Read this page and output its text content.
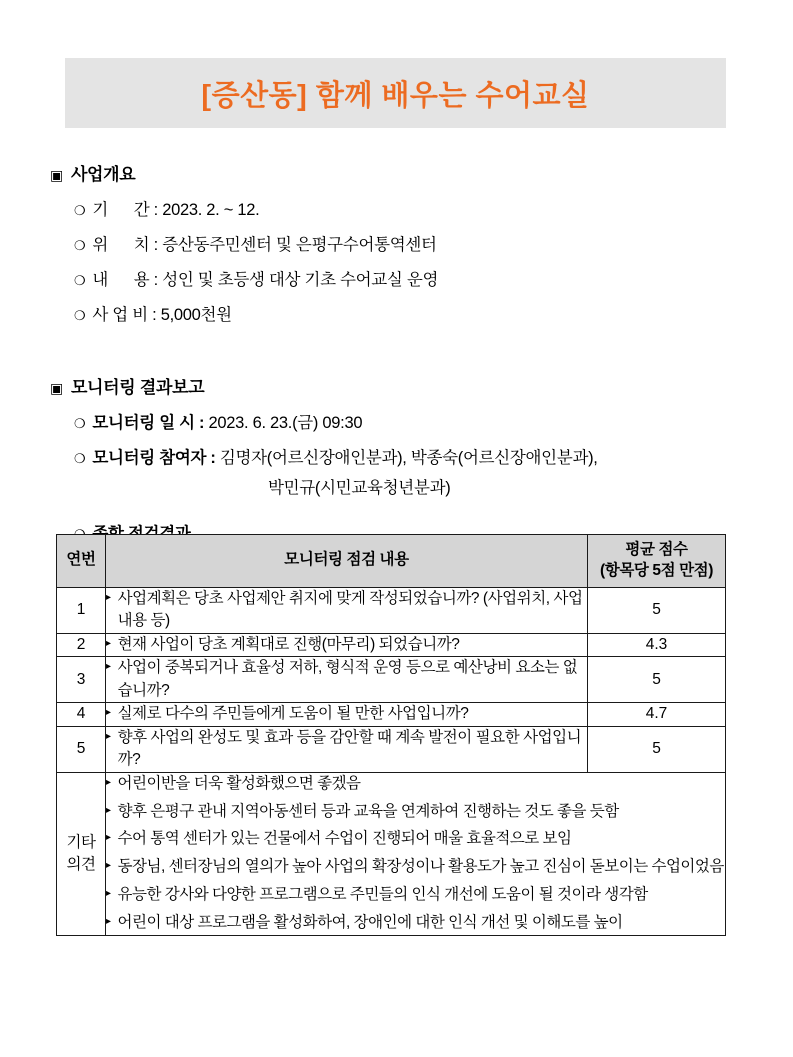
[증산동] 함께 배우는 수어교실
▣ 사업개요
❍ 기      간 : 2023. 2. ~ 12.
❍ 위      치 : 증산동주민센터 및 은평구수어통역센터
❍ 내      용 : 성인 및 초등생 대상 기초 수어교실 운영
❍ 사 업 비 : 5,000천원
▣ 모니터링 결과보고
❍ 모니터링 일 시 : 2023. 6. 23.(금) 09:30
❍ 모니터링 참여자 : 김명자(어르신장애인분과), 박종숙(어르신장애인분과),
박민규(시민교육청년분과)
연번	모니터링 점검 내용	평균 점수
(항목당 5점 만점)

1	▸ 사업계획은 당초 사업제안 취지에 맞게 작성되었습니까? (사업위치, 사업내용 등)	5
2	▸ 현재 사업이 당초 계획대로 진행(마무리) 되었습니까?	4.3
3	▸ 사업이 중복되거나 효율성 저하, 형식적 운영 등으로 예산낭비 요소는 없습니까?	5
4	▸ 실제로 다수의 주민들에게 도움이 될 만한 사업입니까?	4.7
5	▸ 향후 사업의 완성도 및 효과 등을 감안할 때 계속 발전이 필요한 사업입니까?	5

기타
의견

▸ 어린이반을 더욱 활성화했으면 좋겠음
▸ 향후 은평구 관내 지역아동센터 등과 교육을 연계하여 진행하는 것도 좋을 듯함
▸ 수어 통역 센터가 있는 건물에서 수업이 진행되어 매울 효율적으로 보임
▸ 동장님, 센터장님의 열의가 높아 사업의 확장성이나 활용도가 높고 진심이 돋보이는 수업이었음
▸ 유능한 강사와 다양한 프로그램으로 주민들의 인식 개선에 도움이 될 것이라 생각함
▸ 어린이 대상 프로그램을 활성화하여, 장애인에 대한 인식 개선 및 이해도를 높이
